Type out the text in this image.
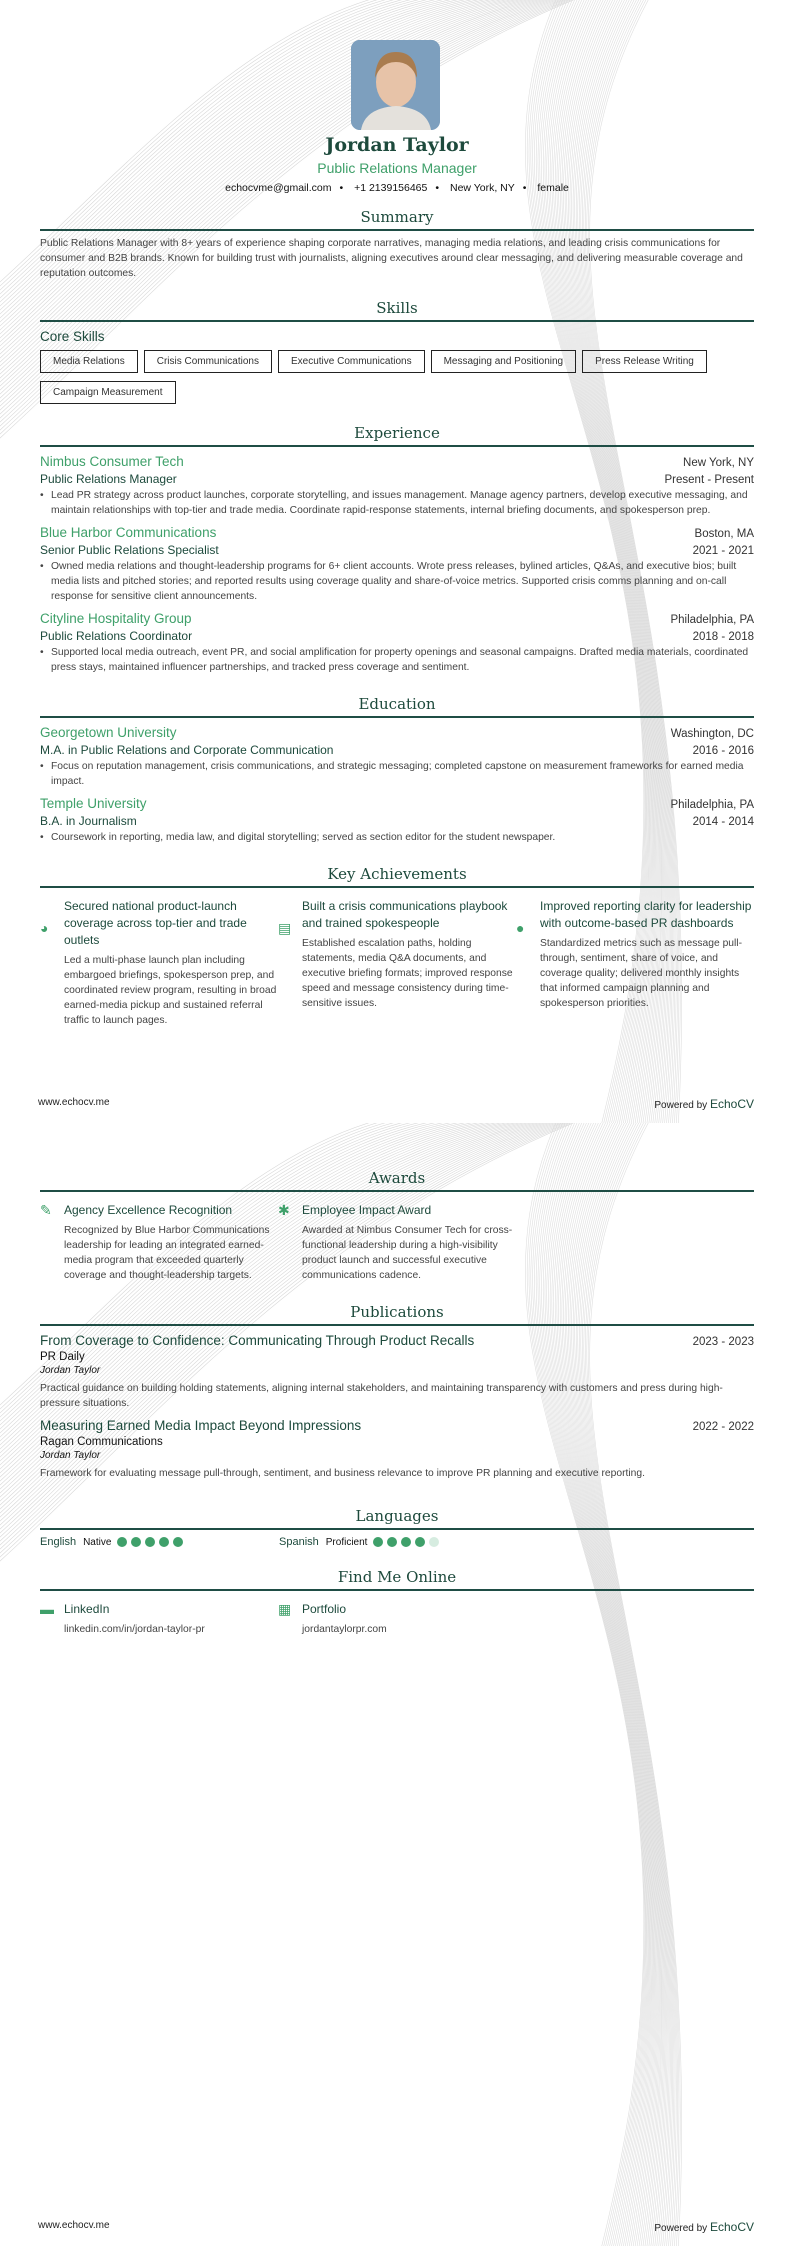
Jordan Taylor
Public Relations Manager
echocvme@gmail.com • +1 2139156465 • New York, NY • female
Summary

Public Relations Manager with 8+ years of experience shaping corporate narratives, managing media relations, and leading crisis communications for consumer and B2B brands. Known for building trust with journalists, aligning executives around clear messaging, and delivering measurable coverage and reputation outcomes.

Skills
Core Skills
Media Relations	Crisis Communications	Executive Communications	Messaging and Positioning	Press Release Writing
Campaign Measurement
Experience
Nimbus Consumer Tech	New York, NY
Public Relations Manager	Present - Present
• Lead PR strategy across product launches, corporate storytelling, and issues management. Manage agency partners, develop executive messaging, and maintain relationships with top-tier and trade media. Coordinate rapid-response statements, internal briefing documents, and spokesperson prep.
Blue Harbor Communications	Boston, MA
Senior Public Relations Specialist	2021 - 2021
• Owned media relations and thought-leadership programs for 6+ client accounts. Wrote press releases, bylined articles, Q&As, and executive bios; built media lists and pitched stories; and reported results using coverage quality and share-of-voice metrics. Supported crisis comms planning and on-call response for sensitive client announcements.
Cityline Hospitality Group	Philadelphia, PA
Public Relations Coordinator	2018 - 2018
• Supported local media outreach, event PR, and social amplification for property openings and seasonal campaigns. Drafted media materials, coordinated press stays, maintained influencer partnerships, and tracked press coverage and sentiment.
Education
Georgetown University	Washington, DC
M.A. in Public Relations and Corporate Communication	2016 - 2016
• Focus on reputation management, crisis communications, and strategic messaging; completed capstone on measurement frameworks for earned media impact.
Temple University	Philadelphia, PA
B.A. in Journalism	2014 - 2014
• Coursework in reporting, media law, and digital storytelling; served as section editor for the student newspaper.
Key Achievements
◕
Secured national product-launch coverage across top-tier and trade outlets
Led a multi-phase launch plan including embargoed briefings, spokesperson prep, and coordinated review program, resulting in broad earned-media pickup and sustained referral traffic to launch pages.
▤
Built a crisis communications playbook and trained spokespeople
Established escalation paths, holding statements, media Q&A documents, and executive briefing formats; improved response speed and message consistency during time-sensitive issues.
●
Improved reporting clarity for leadership with outcome-based PR dashboards
Standardized metrics such as message pull-through, sentiment, share of voice, and coverage quality; delivered monthly insights that informed campaign planning and spokesperson priorities.
www.echocv.me	Powered by EchoCV
Awards
✎	Agency Excellence Recognition
Recognized by Blue Harbor Communications leadership for leading an integrated earned-media program that exceeded quarterly coverage and thought-leadership targets.
✱	Employee Impact Award
Awarded at Nimbus Consumer Tech for cross-functional leadership during a high-visibility product launch and successful executive communications cadence.
Publications
From Coverage to Confidence: Communicating Through Product Recalls	2023 - 2023
PR Daily
Jordan Taylor

Practical guidance on building holding statements, aligning internal stakeholders, and maintaining transparency with customers and press during high-pressure situations.

Measuring Earned Media Impact Beyond Impressions	2022 - 2022
Ragan Communications
Jordan Taylor

Framework for evaluating message pull-through, sentiment, and business relevance to improve PR planning and executive reporting.

Languages
English Native	Spanish Proficient
Find Me Online
▬ LinkedIn
linkedin.com/in/jordan-taylor-pr
▦ Portfolio
jordantaylorpr.com
www.echocv.me	Powered by EchoCV
